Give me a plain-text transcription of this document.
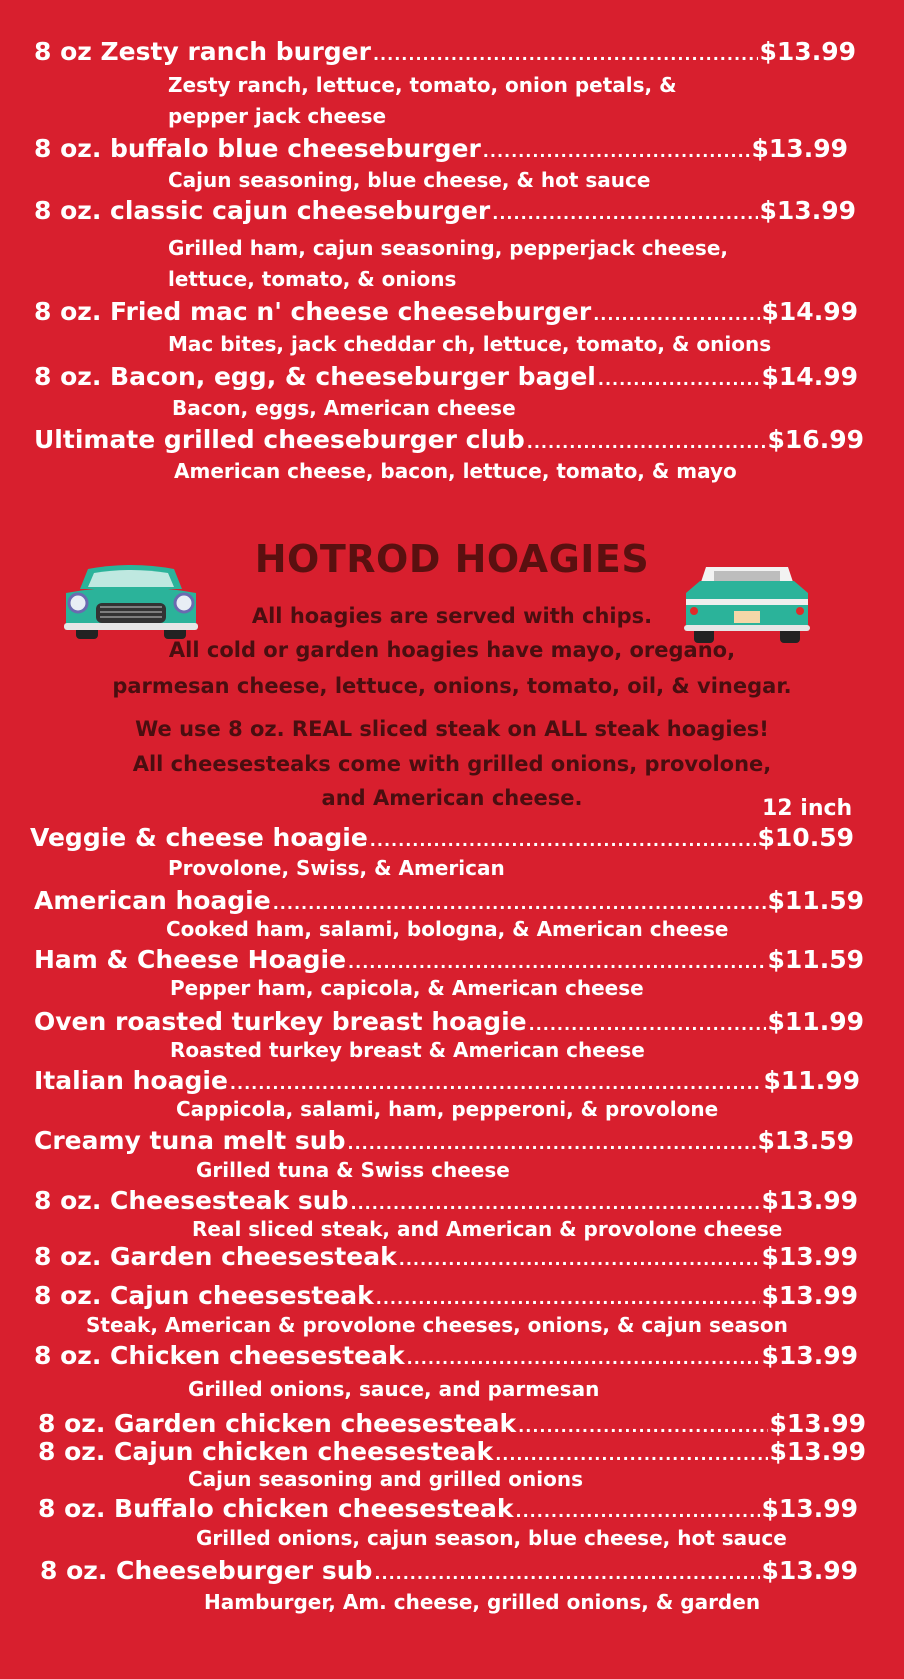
8 oz Zesty ranch burger .....	$13.99
Zesty ranch, lettuce, tomato, onion petals, &
pepper jack cheese
8 oz. buffalo blue cheeseburger .....	$13.99
Cajun seasoning, blue cheese, & hot sauce
8 oz. classic cajun cheeseburger .....	$13.99
Grilled ham, cajun seasoning, pepperjack cheese,
lettuce, tomato, & onions
8 oz. Fried mac n' cheese cheeseburger .....	$14.99
Mac bites, jack cheddar ch, lettuce, tomato, & onions
8 oz. Bacon, egg, & cheeseburger bagel .....	$14.99
Bacon, eggs, American cheese
Ultimate grilled cheeseburger club .....	$16.99
American cheese, bacon, lettuce, tomato, & mayo
HOTROD HOAGIES
All hoagies are served with chips.
All cold or garden hoagies have mayo, oregano,
parmesan cheese, lettuce, onions, tomato, oil, & vinegar.
We use 8 oz. REAL sliced steak on ALL steak hoagies!
All cheesesteaks come with grilled onions, provolone,
and American cheese.	12 inch
Veggie & cheese hoagie .....	$10.59
Provolone, Swiss, & American
American hoagie .....	$11.59
Cooked ham, salami, bologna, & American cheese
Ham & Cheese Hoagie .....	$11.59
Pepper ham, capicola, & American cheese
Oven roasted turkey breast hoagie .....	$11.99
Roasted turkey breast & American cheese
Italian hoagie .....	$11.99
Cappicola, salami, ham, pepperoni, & provolone
Creamy tuna melt sub .....	$13.59
Grilled tuna & Swiss cheese
8 oz. Cheesesteak sub .....	$13.99
Real sliced steak, and American & provolone cheese
8 oz. Garden cheesesteak .....	$13.99
8 oz. Cajun cheesesteak .....	$13.99
Steak, American & provolone cheeses, onions, & cajun season
8 oz. Chicken cheesesteak .....	$13.99
Grilled onions, sauce, and parmesan
8 oz. Garden chicken cheesesteak .....	$13.99
8 oz. Cajun chicken cheesesteak .....	$13.99
Cajun seasoning and grilled onions
8 oz. Buffalo chicken cheesesteak .....	$13.99
Grilled onions, cajun season, blue cheese, hot sauce
8 oz. Cheeseburger sub .....	$13.99
Hamburger, Am. cheese, grilled onions, & garden
